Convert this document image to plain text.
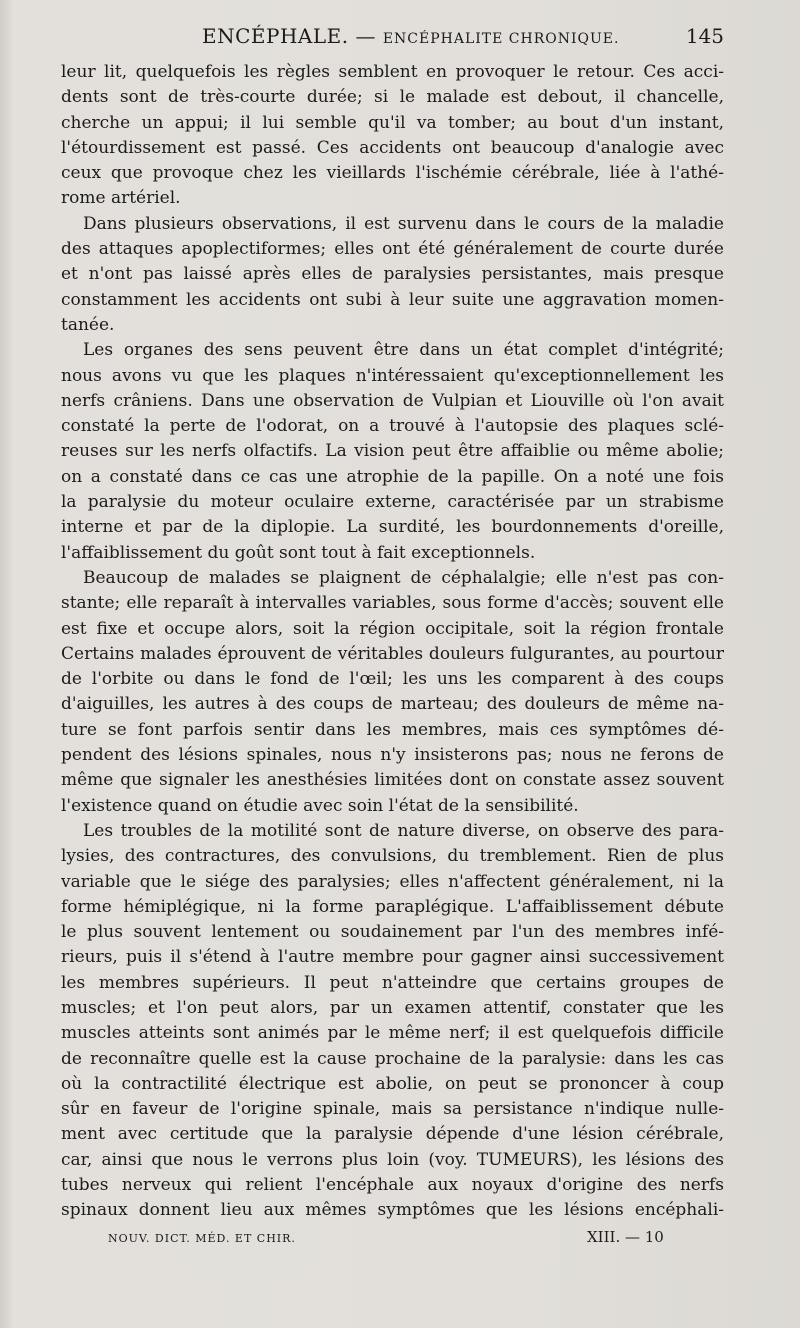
ENCÉPHALE. — ENCÉPHALITE CHRONIQUE.	145

leur lit, quelquefois les règles semblent en provoquer le retour. Ces acci-

dents sont de très-courte durée; si le malade est debout, il chancelle,

cherche un appui; il lui semble qu'il va tomber; au bout d'un instant,

l'étourdissement est passé. Ces accidents ont beaucoup d'analogie avec

ceux que provoque chez les vieillards l'ischémie cérébrale, liée à l'athé-

rome artériel.

Dans plusieurs observations, il est survenu dans le cours de la maladie

des attaques apoplectiformes; elles ont été généralement de courte durée

et n'ont pas laissé après elles de paralysies persistantes, mais presque

constamment les accidents ont subi à leur suite une aggravation momen-

tanée.

Les organes des sens peuvent être dans un état complet d'intégrité;

nous avons vu que les plaques n'intéressaient qu'exceptionnellement les

nerfs crâniens. Dans une observation de Vulpian et Liouville où l'on avait

constaté la perte de l'odorat, on a trouvé à l'autopsie des plaques sclé-

reuses sur les nerfs olfactifs. La vision peut être affaiblie ou même abolie;

on a constaté dans ce cas une atrophie de la papille. On a noté une fois

la paralysie du moteur oculaire externe, caractérisée par un strabisme

interne et par de la diplopie. La surdité, les bourdonnements d'oreille,

l'affaiblissement du goût sont tout à fait exceptionnels.

Beaucoup de malades se plaignent de céphalalgie; elle n'est pas con-

stante; elle reparaît à intervalles variables, sous forme d'accès; souvent elle

est fixe et occupe alors, soit la région occipitale, soit la région frontale

Certains malades éprouvent de véritables douleurs fulgurantes, au pourtour

de l'orbite ou dans le fond de l'œil; les uns les comparent à des coups

d'aiguilles, les autres à des coups de marteau; des douleurs de même na-

ture se font parfois sentir dans les membres, mais ces symptômes dé-

pendent des lésions spinales, nous n'y insisterons pas; nous ne ferons de

même que signaler les anesthésies limitées dont on constate assez souvent

l'existence quand on étudie avec soin l'état de la sensibilité.

Les troubles de la motilité sont de nature diverse, on observe des para-

lysies, des contractures, des convulsions, du tremblement. Rien de plus

variable que le siége des paralysies; elles n'affectent généralement, ni la

forme hémiplégique, ni la forme paraplégique. L'affaiblissement débute

le plus souvent lentement ou soudainement par l'un des membres infé-

rieurs, puis il s'étend à l'autre membre pour gagner ainsi successivement

les membres supérieurs. Il peut n'atteindre que certains groupes de

muscles; et l'on peut alors, par un examen attentif, constater que les

muscles atteints sont animés par le même nerf; il est quelquefois difficile

de reconnaître quelle est la cause prochaine de la paralysie: dans les cas

où la contractilité électrique est abolie, on peut se prononcer à coup

sûr en faveur de l'origine spinale, mais sa persistance n'indique nulle-

ment avec certitude que la paralysie dépende d'une lésion cérébrale,

car, ainsi que nous le verrons plus loin (voy. TUMEURS), les lésions des

tubes nerveux qui relient l'encéphale aux noyaux d'origine des nerfs

spinaux donnent lieu aux mêmes symptômes que les lésions encéphali-

NOUV. DICT. MÉD. ET CHIR.	XIII. — 10
